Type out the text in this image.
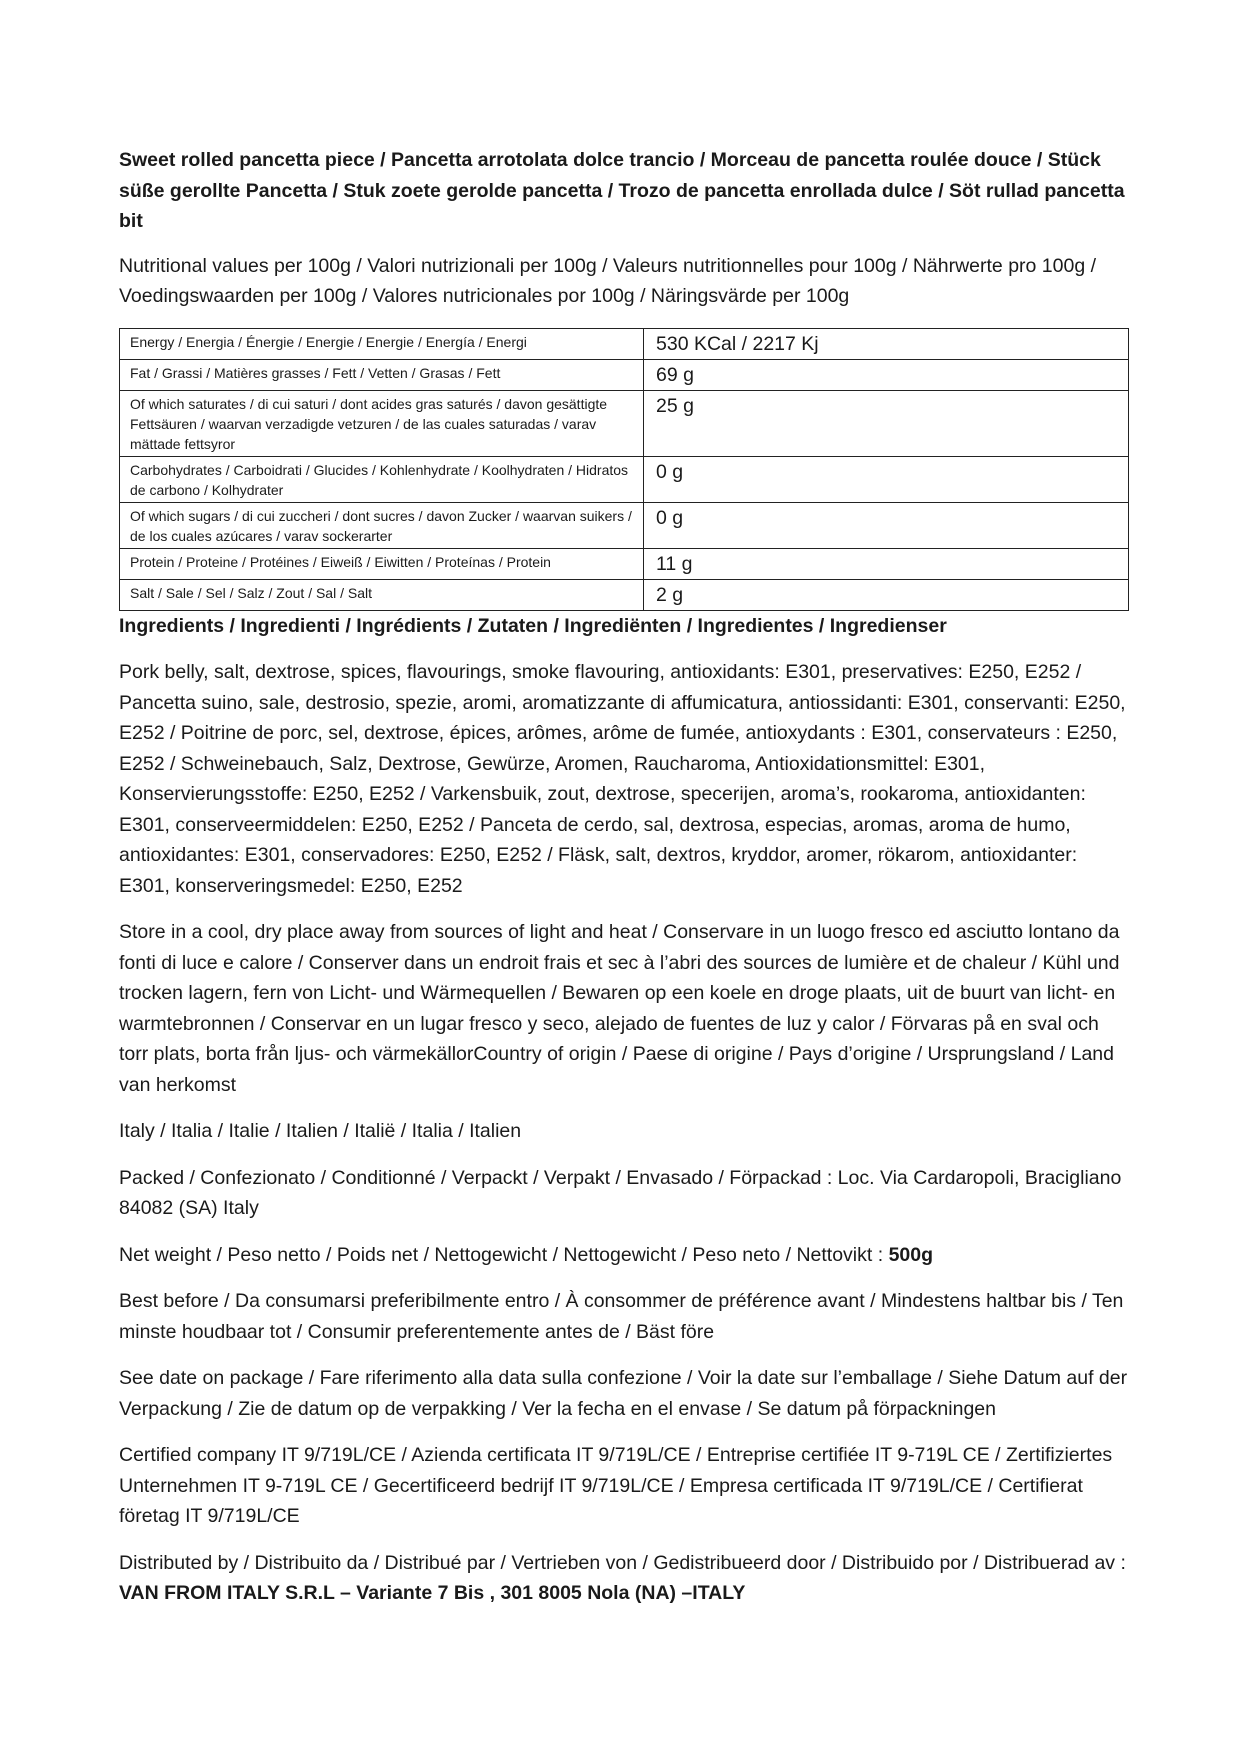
Sweet rolled pancetta piece / Pancetta arrotolata dolce trancio / Morceau de pancetta roulée douce / Stück süße gerollte Pancetta / Stuk zoete gerolde pancetta / Trozo de pancetta enrollada dulce / Söt rullad pancetta bit

Nutritional values per 100g / Valori nutrizionali per 100g / Valeurs nutritionnelles pour 100g / Nährwerte pro 100g / Voedingswaarden per 100g / Valores nutricionales por 100g / Näringsvärde per 100g

Energy / Energia / Énergie / Energie / Energie / Energía / Energi	530 KCal / 2217 Kj
Fat / Grassi / Matières grasses / Fett / Vetten / Grasas / Fett	69 g
Of which saturates / di cui saturi / dont acides gras saturés / davon gesättigte Fettsäuren / waarvan verzadigde vetzuren / de las cuales saturadas / varav mättade fettsyror	25 g
Carbohydrates / Carboidrati / Glucides / Kohlenhydrate / Koolhydraten / Hidratos de carbono / Kolhydrater	0 g
Of which sugars / di cui zuccheri / dont sucres / davon Zucker / waarvan suikers / de los cuales azúcares / varav sockerarter	0 g
Protein / Proteine / Protéines / Eiweiß / Eiwitten / Proteínas / Protein	11 g
Salt / Sale / Sel / Salz / Zout / Sal / Salt	2 g
Ingredients / Ingredienti / Ingrédients / Zutaten / Ingrediënten / Ingredientes / Ingredienser

Pork belly, salt, dextrose, spices, flavourings, smoke flavouring, antioxidants: E301, preservatives: E250, E252 / Pancetta suino, sale, destrosio, spezie, aromi, aromatizzante di affumicatura, antiossidanti: E301, conservanti: E250, E252 / Poitrine de porc, sel, dextrose, épices, arômes, arôme de fumée, antioxydants : E301, conservateurs : E250, E252 / Schweinebauch, Salz, Dextrose, Gewürze, Aromen, Raucharoma, Antioxidationsmittel: E301, Konservierungsstoffe: E250, E252 / Varkensbuik, zout, dextrose, specerijen, aroma’s, rookaroma, antioxidanten: E301, conserveermiddelen: E250, E252 / Panceta de cerdo, sal, dextrosa, especias, aromas, aroma de humo, antioxidantes: E301, conservadores: E250, E252 / Fläsk, salt, dextros, kryddor, aromer, rökarom, antioxidanter: E301, konserveringsmedel: E250, E252

Store in a cool, dry place away from sources of light and heat / Conservare in un luogo fresco ed asciutto lontano da fonti di luce e calore / Conserver dans un endroit frais et sec à l’abri des sources de lumière et de chaleur / Kühl und trocken lagern, fern von Licht- und Wärmequellen / Bewaren op een koele en droge plaats, uit de buurt van licht- en warmtebronnen / Conservar en un lugar fresco y seco, alejado de fuentes de luz y calor / Förvaras på en sval och torr plats, borta från ljus- och värmekällorCountry of origin / Paese di origine / Pays d’origine / Ursprungsland / Land van herkomst

Italy / Italia / Italie / Italien / Italië / Italia / Italien

Packed / Confezionato / Conditionné / Verpackt / Verpakt / Envasado / Förpackad : Loc. Via Cardaropoli, Bracigliano 84082 (SA) Italy

Net weight / Peso netto / Poids net / Nettogewicht / Nettogewicht / Peso neto / Nettovikt : 500g

Best before / Da consumarsi preferibilmente entro / À consommer de préférence avant / Mindestens haltbar bis / Ten minste houdbaar tot / Consumir preferentemente antes de / Bäst före

See date on package / Fare riferimento alla data sulla confezione / Voir la date sur l’emballage / Siehe Datum auf der Verpackung / Zie de datum op de verpakking / Ver la fecha en el envase / Se datum på förpackningen

Certified company IT 9/719L/CE / Azienda certificata IT 9/719L/CE / Entreprise certifiée IT 9-719L CE / Zertifiziertes Unternehmen IT 9-719L CE / Gecertificeerd bedrijf IT 9/719L/CE / Empresa certificada IT 9/719L/CE / Certifierat företag IT 9/719L/CE

Distributed by / Distribuito da / Distribué par / Vertrieben von / Gedistribueerd door / Distribuido por / Distribuerad av : VAN FROM ITALY S.R.L – Variante 7 Bis , 301 8005 Nola (NA) –ITALY
